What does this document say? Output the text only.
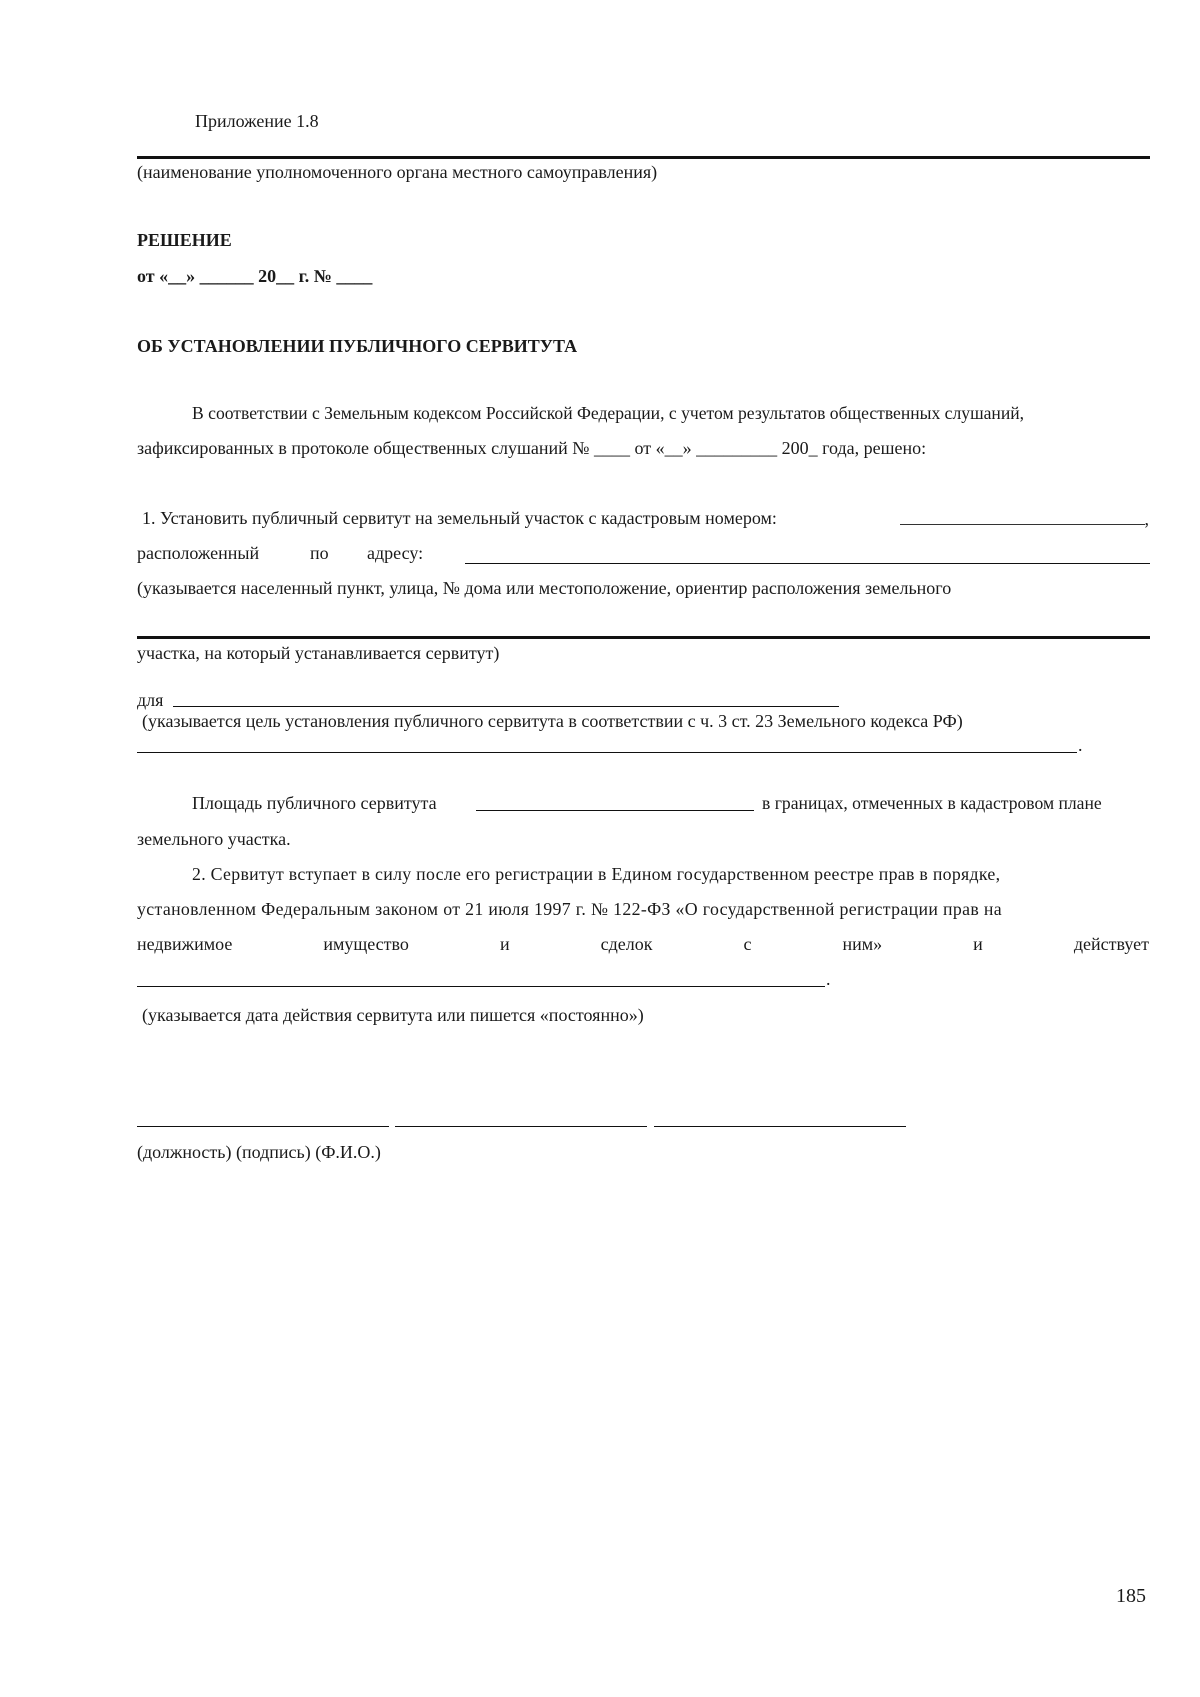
Приложение 1.8
(наименование уполномоченного органа местного самоуправления)
РЕШЕНИЕ
от «__» ______ 20__ г. № ____
ОБ УСТАНОВЛЕНИИ ПУБЛИЧНОГО СЕРВИТУТА
В соответствии с Земельным кодексом Российской Федерации, с учетом результатов общественных слушаний,
зафиксированных в протоколе общественных слушаний № ____ от «__» _________ 200_ года, решено:
1. Установить публичный сервитут на земельный участок с кадастровым номером:	,
расположенный	по адресу:
(указывается населенный пункт, улица, № дома или местоположение, ориентир расположения земельного
участка, на который устанавливается сервитут)
для
(указывается цель установления публичного сервитута в соответствии с ч. 3 ст. 23 Земельного кодекса РФ)
.
Площадь публичного сервитута	в границах, отмеченных в кадастровом плане
земельного участка.
2. Сервитут вступает в силу после его регистрации в Едином государственном реестре прав в порядке,
установленном Федеральным законом от 21 июля 1997 г. № 122-ФЗ «О государственной регистрации прав на
недвижимое	имущество	и	сделок	с	ним»	и	действует
.
(указывается дата действия сервитута или пишется «постоянно»)
(должность) (подпись) (Ф.И.О.)
185
